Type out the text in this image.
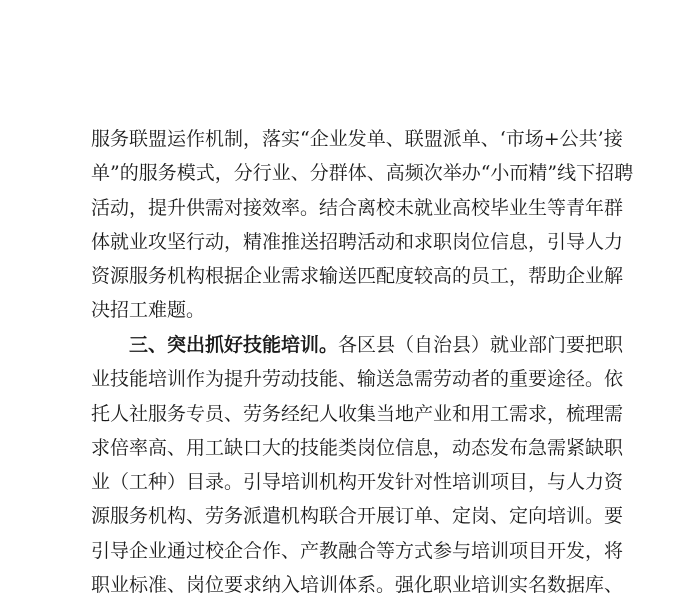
服务联盟运作机制，落实“企业发单、联盟派单、‘市场+公共’接
单”的服务模式，分行业、分群体、高频次举办“小而精”线下招聘
活动，提升供需对接效率。结合离校未就业高校毕业生等青年群
体就业攻坚行动，精准推送招聘活动和求职岗位信息，引导人力
资源服务机构根据企业需求输送匹配度较高的员工，帮助企业解
决招工难题。
三、突出抓好技能培训。各区县（自治县）就业部门要把职
业技能培训作为提升劳动技能、输送急需劳动者的重要途径。依
托人社服务专员、劳务经纪人收集当地产业和用工需求，梳理需
求倍率高、用工缺口大的技能类岗位信息，动态发布急需紧缺职
业（工种）目录。引导培训机构开发针对性培训项目，与人力资
源服务机构、劳务派遣机构联合开展订单、定岗、定向培训。要
引导企业通过校企合作、产教融合等方式参与培训项目开发，将
职业标准、岗位要求纳入培训体系。强化职业培训实名数据库、
